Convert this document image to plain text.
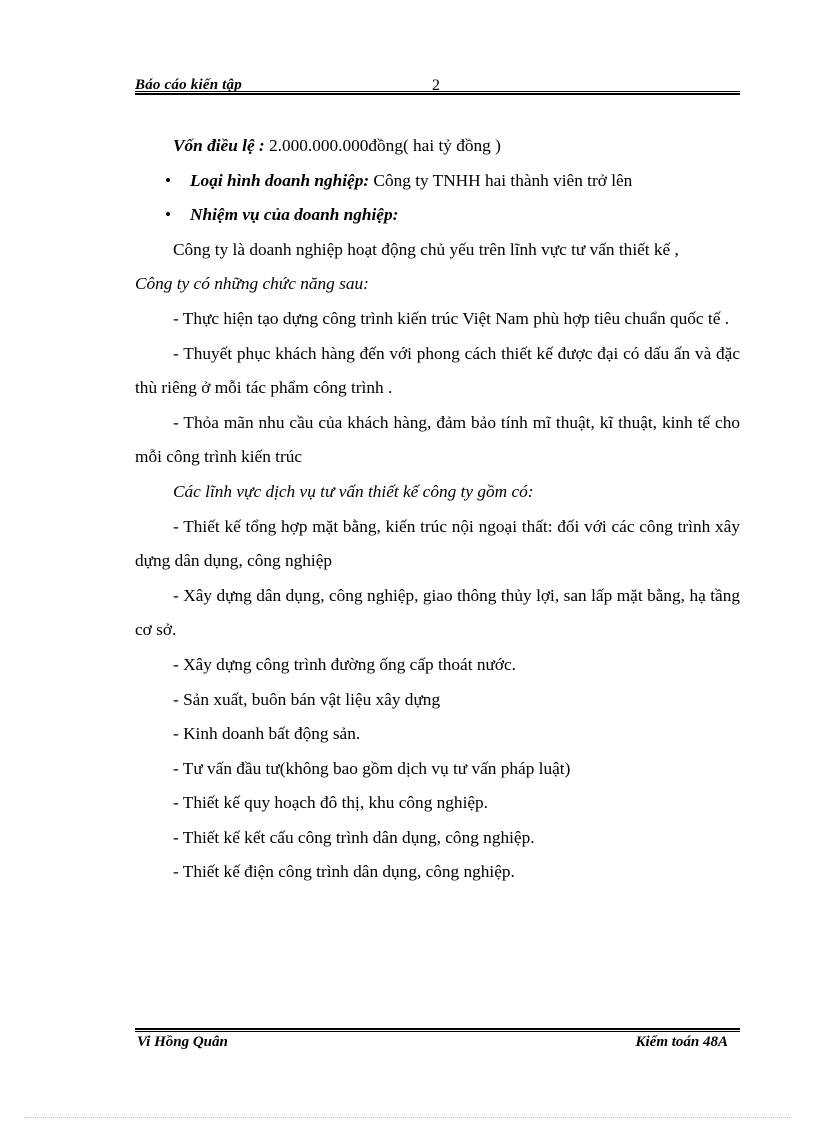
Báo cáo kiến tập	2

Vốn điều lệ : 2.000.000.000đồng( hai tỷ đồng )

• Loại hình doanh nghiệp: Công ty TNHH hai thành viên trở lên

• Nhiệm vụ của doanh nghiệp:

Công ty là doanh nghiệp hoạt động chủ yếu trên lĩnh vực tư vấn thiết kế ,

Công ty có những chức năng sau:

- Thực hiện tạo dựng công trình kiến trúc Việt Nam phù hợp tiêu chuẩn quốc tế .

- Thuyết phục khách hàng đến với phong cách thiết kế được đại có dấu ấn và đặc thù riêng ở mỗi tác phẩm công trình .

- Thỏa mãn nhu cầu của khách hàng, đảm bảo tính mĩ thuật, kĩ thuật, kinh tế cho mỗi công trình kiến trúc

Các lĩnh vực dịch vụ tư vấn thiết kế công ty gồm có:

- Thiết kế tổng hợp mặt bằng, kiến trúc nội ngoại thất: đối với các công trình xây dựng dân dụng, công nghiệp

- Xây dựng dân dụng, công nghiệp, giao thông thủy lợi, san lấp mặt bằng, hạ tầng cơ sở.

- Xây dựng công trình đường ống cấp thoát nước.

- Sản xuất, buôn bán vật liệu xây dựng

- Kinh doanh bất động sản.

- Tư vấn đầu tư(không bao gồm dịch vụ tư vấn pháp luật)

- Thiết kế quy hoạch đô thị, khu công nghiệp.

- Thiết kế kết cấu công trình dân dụng, công nghiệp.

- Thiết kế điện công trình dân dụng, công nghiệp.

Vi Hồng Quân	Kiểm toán 48A
